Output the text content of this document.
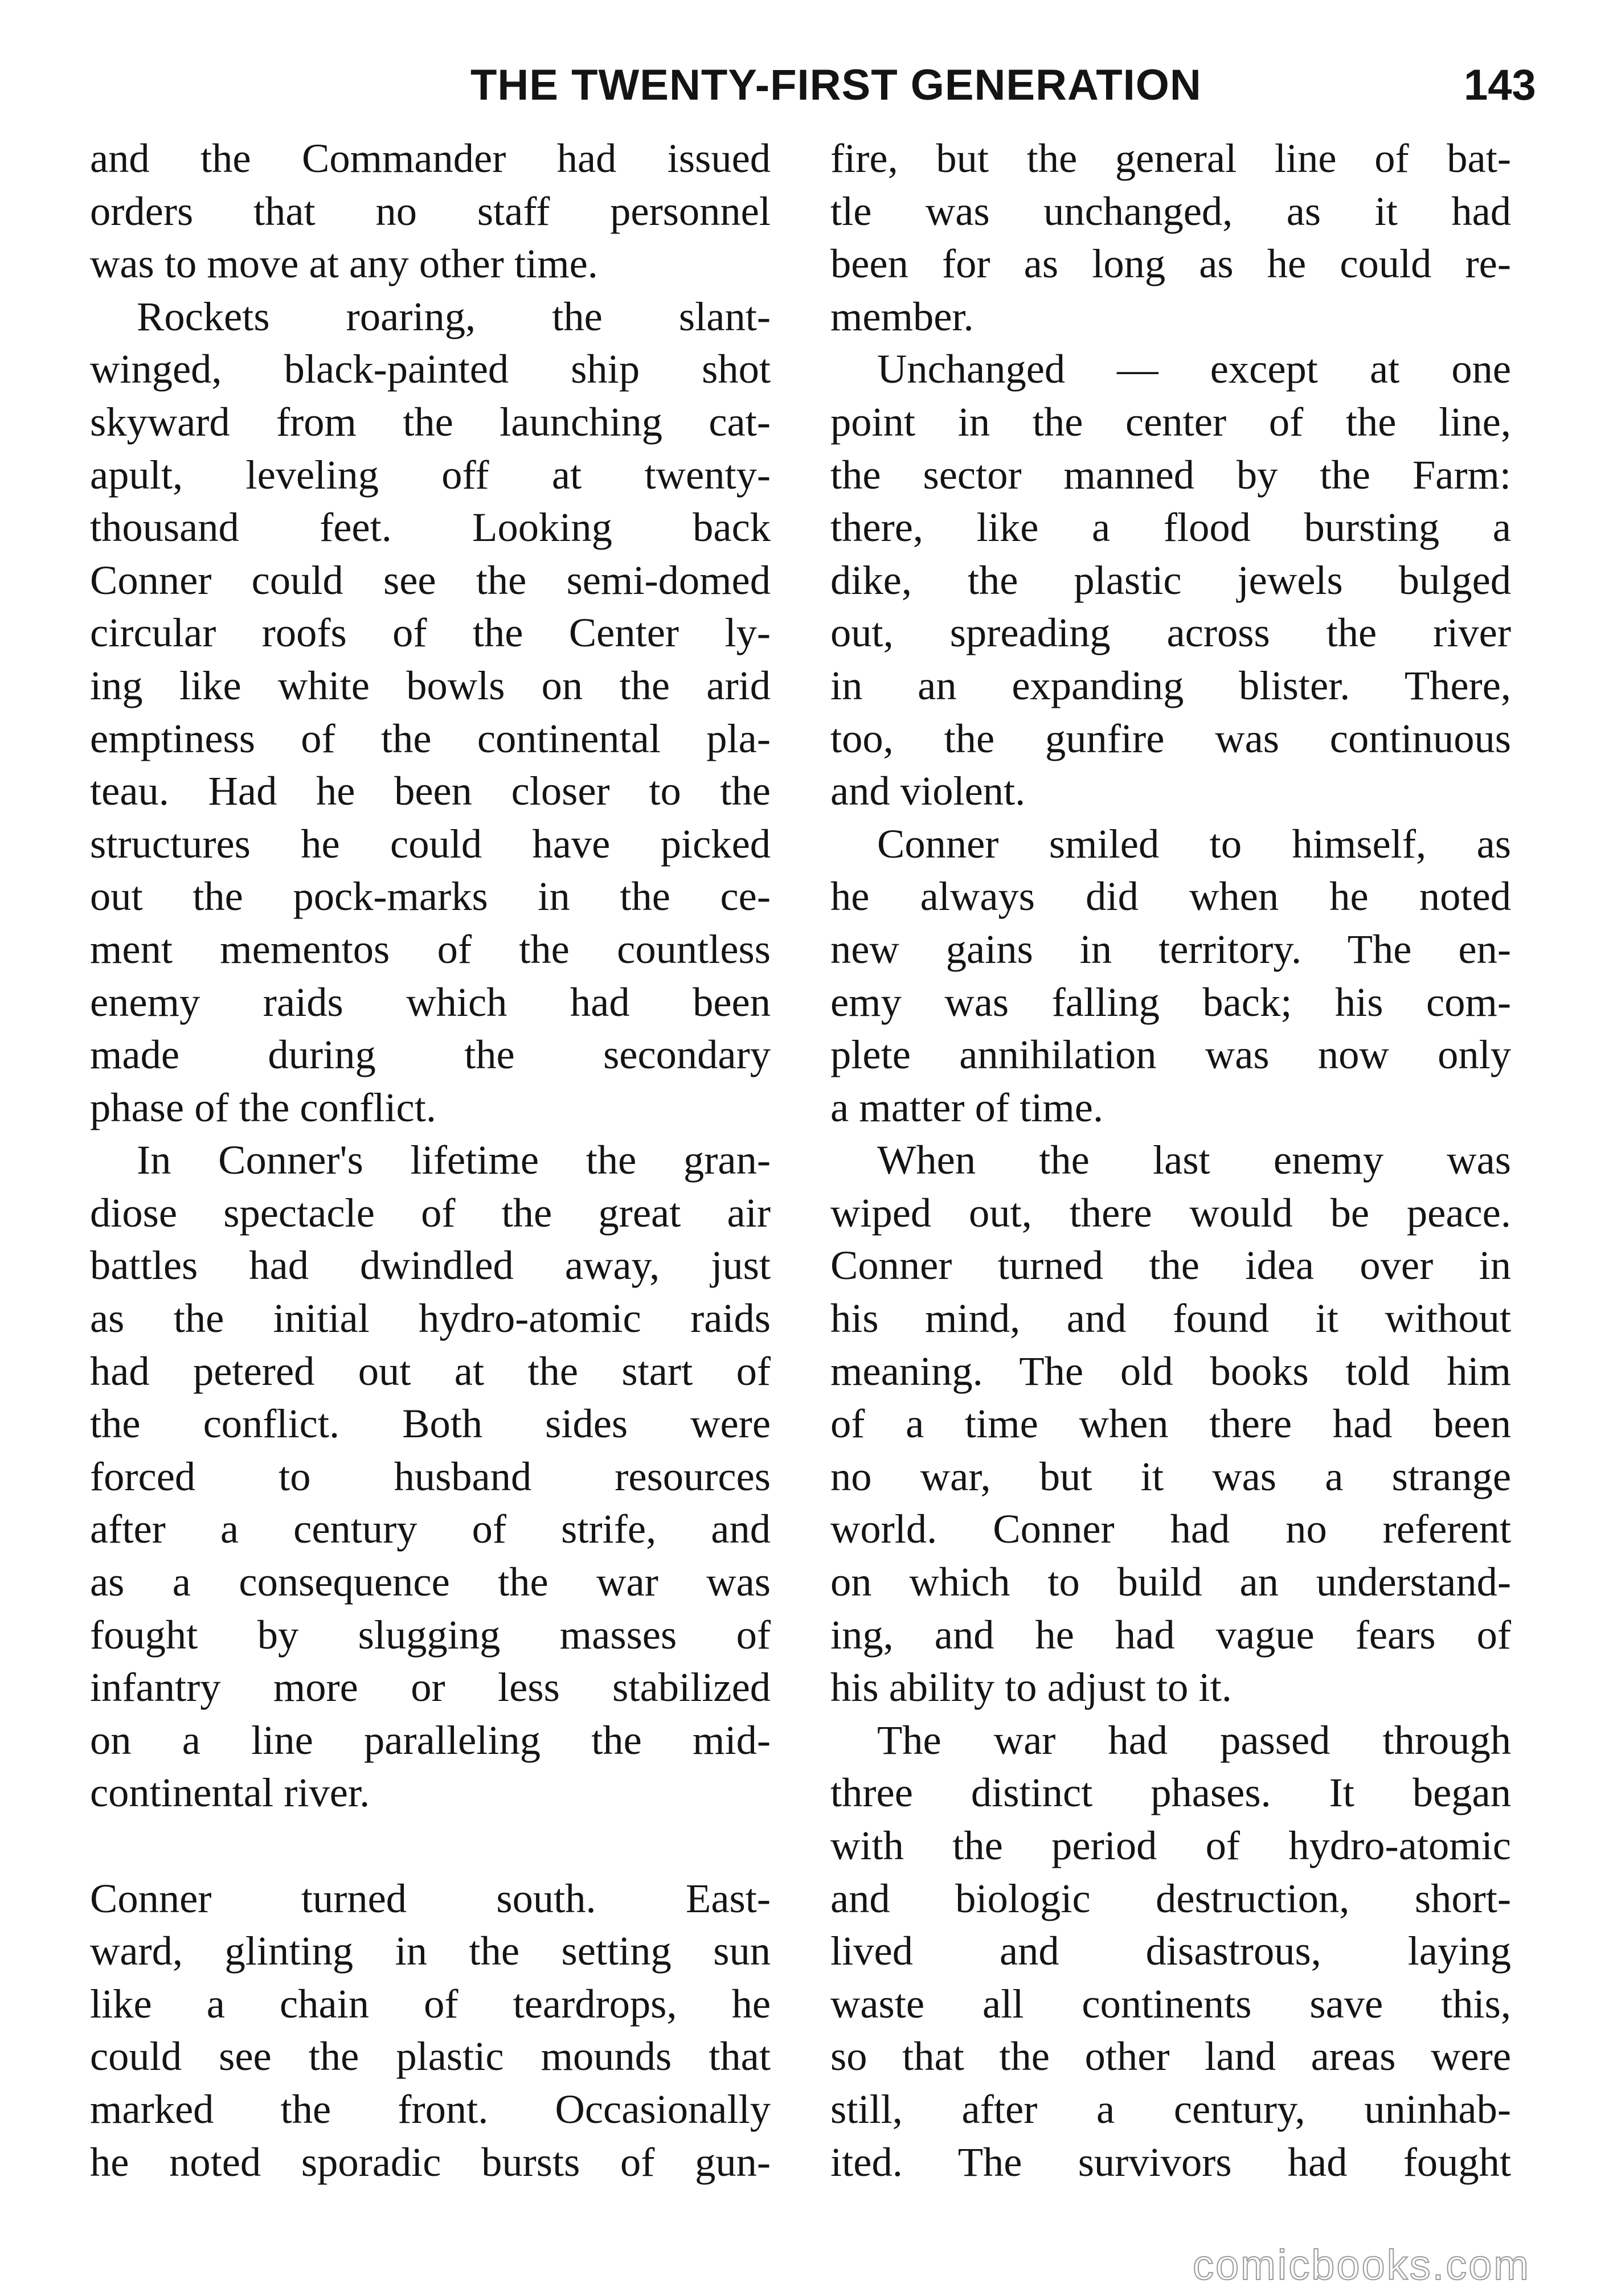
THE TWENTY-FIRST GENERATION	143
and the Commander had issued
orders that no staff personnel
was to move at any other time.
Rockets roaring, the slant-
winged, black-painted ship shot
skyward from the launching cat-
apult, leveling off at twenty-
thousand feet. Looking back
Conner could see the semi-domed
circular roofs of the Center ly-
ing like white bowls on the arid
emptiness of the continental pla-
teau. Had he been closer to the
structures he could have picked
out the pock-marks in the ce-
ment mementos of the countless
enemy raids which had been
made during the secondary
phase of the conflict.
In Conner's lifetime the gran-
diose spectacle of the great air
battles had dwindled away, just
as the initial hydro-atomic raids
had petered out at the start of
the conflict. Both sides were
forced to husband resources
after a century of strife, and
as a consequence the war was
fought by slugging masses of
infantry more or less stabilized
on a line paralleling the mid-
continental river.
Conner turned south. East-
ward, glinting in the setting sun
like a chain of teardrops, he
could see the plastic mounds that
marked the front. Occasionally
he noted sporadic bursts of gun-
fire, but the general line of bat-
tle was unchanged, as it had
been for as long as he could re-
member.
Unchanged — except at one
point in the center of the line,
the sector manned by the Farm:
there, like a flood bursting a
dike, the plastic jewels bulged
out, spreading across the river
in an expanding blister. There,
too, the gunfire was continuous
and violent.
Conner smiled to himself, as
he always did when he noted
new gains in territory. The en-
emy was falling back; his com-
plete annihilation was now only
a matter of time.
When the last enemy was
wiped out, there would be peace.
Conner turned the idea over in
his mind, and found it without
meaning. The old books told him
of a time when there had been
no war, but it was a strange
world. Conner had no referent
on which to build an understand-
ing, and he had vague fears of
his ability to adjust to it.
The war had passed through
three distinct phases. It began
with the period of hydro-atomic
and biologic destruction, short-
lived and disastrous, laying
waste all continents save this,
so that the other land areas were
still, after a century, uninhab-
ited. The survivors had fought
comicbooks.com
